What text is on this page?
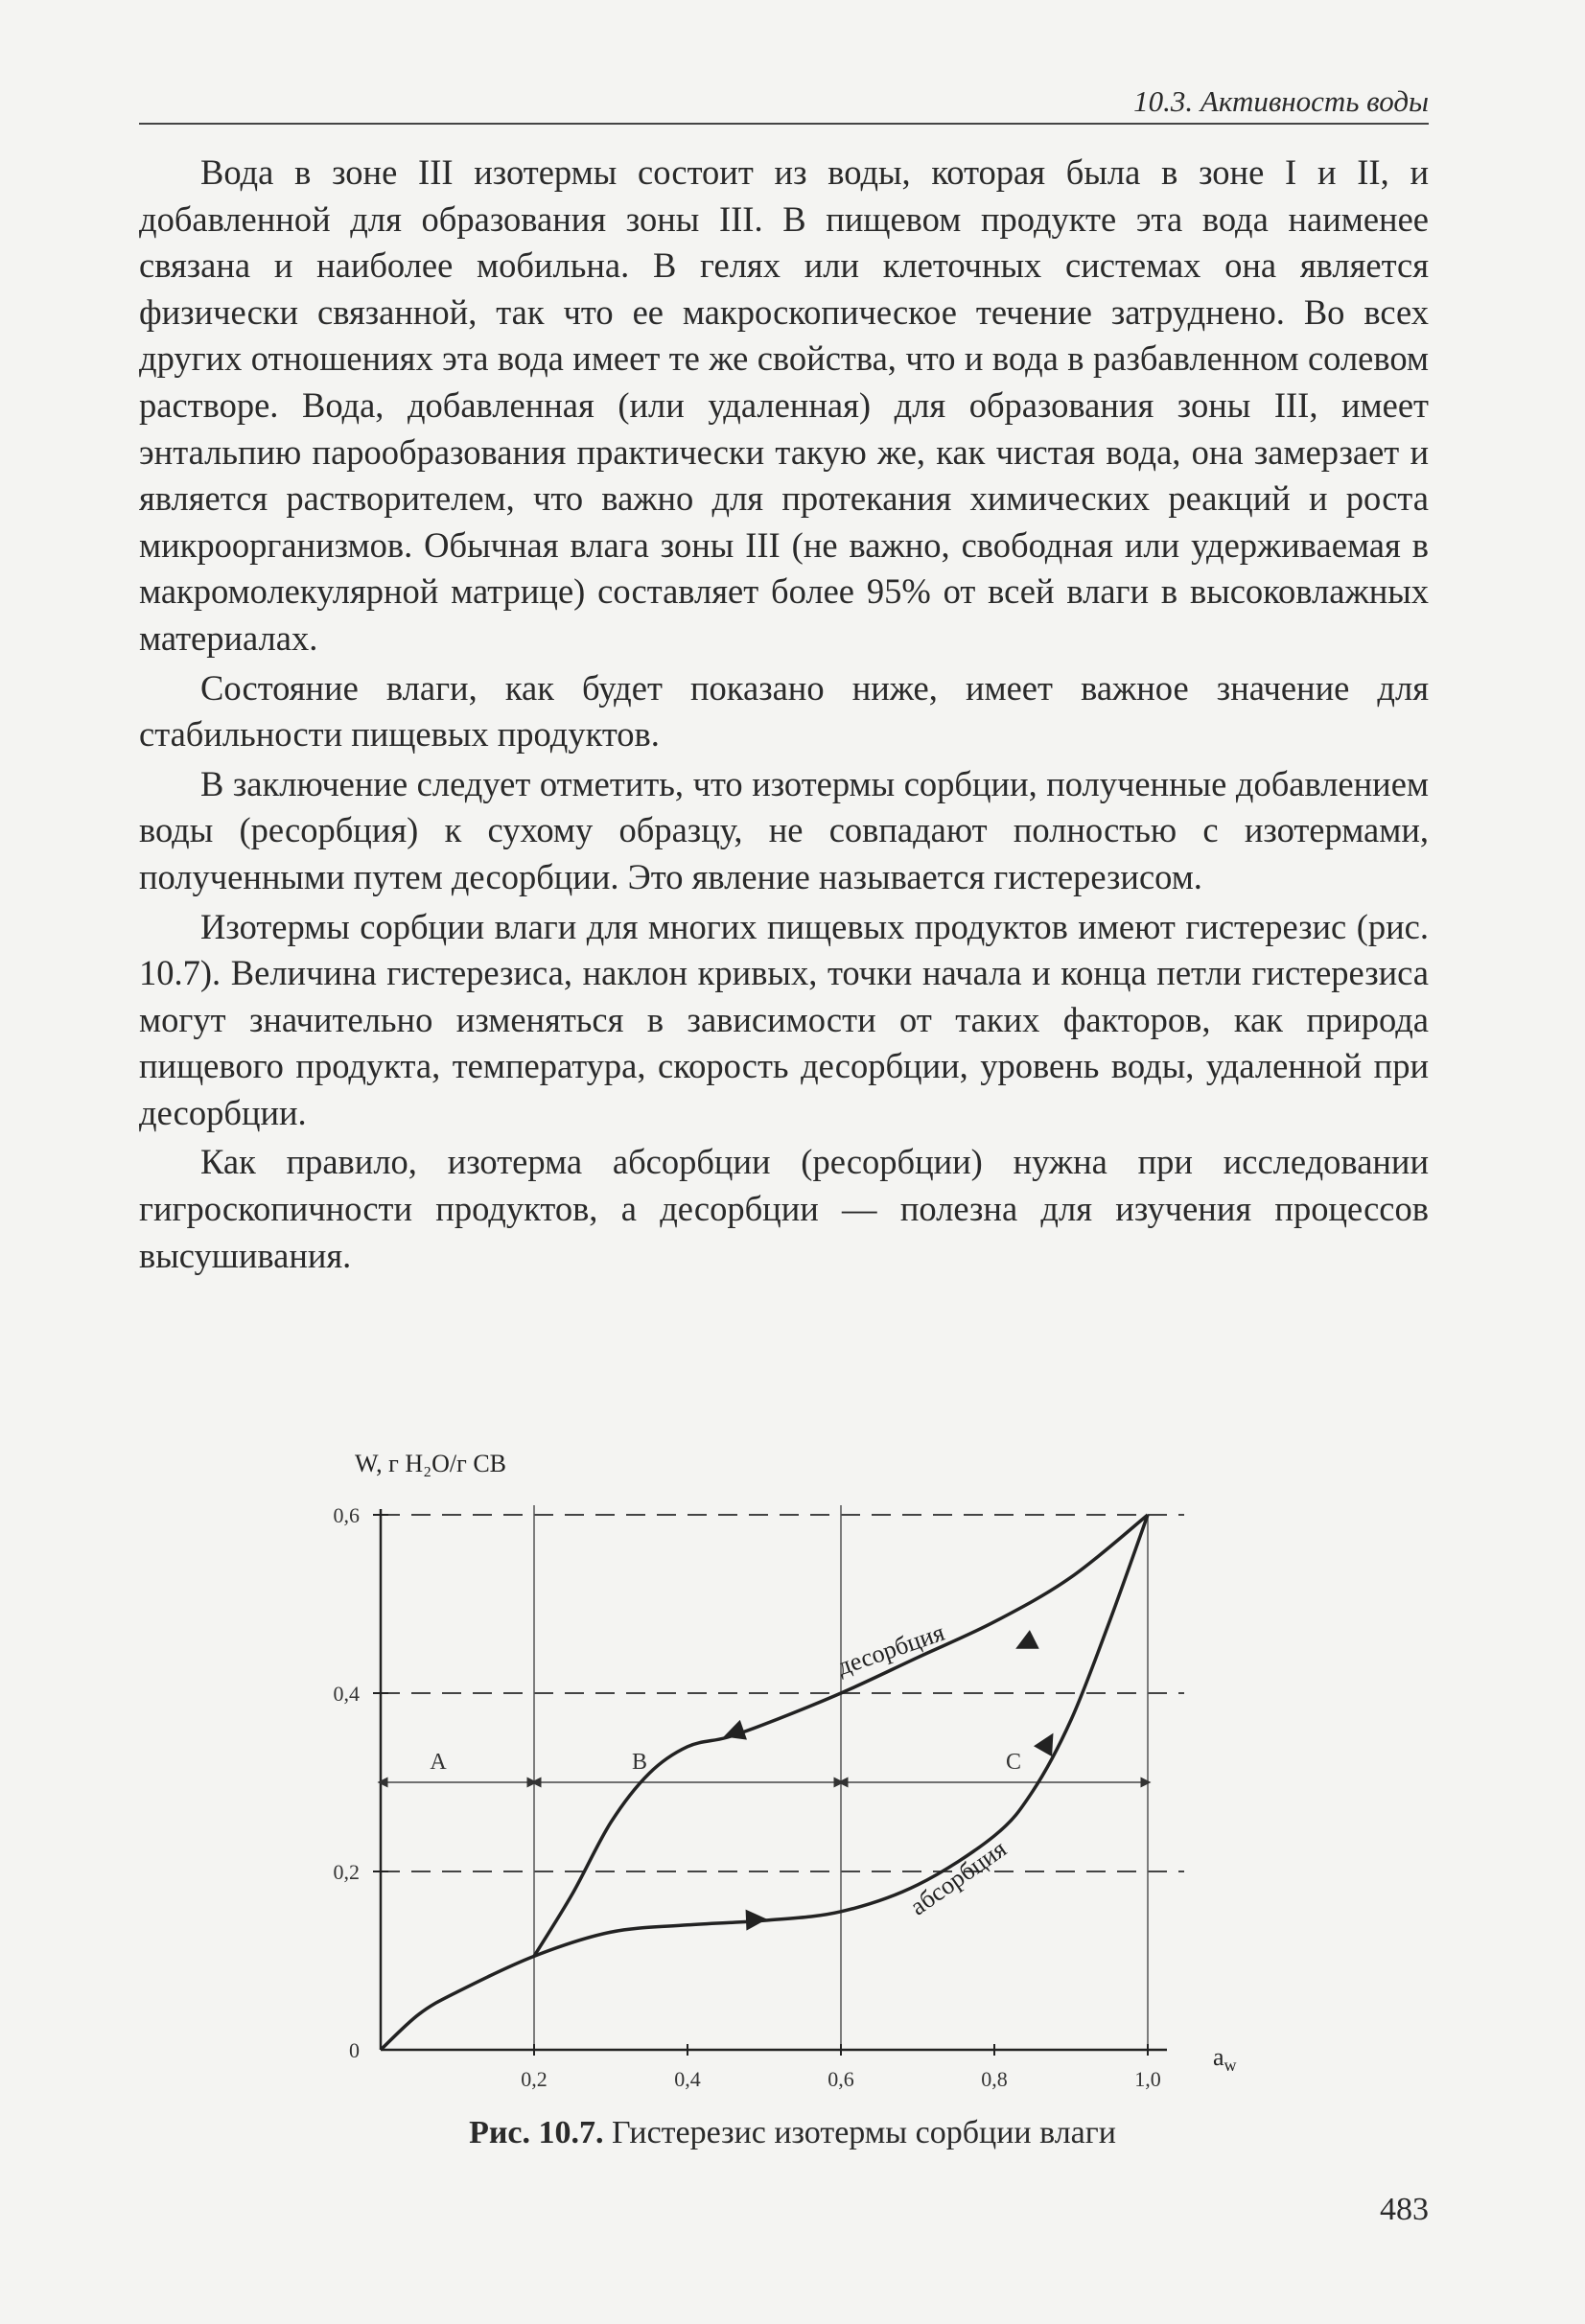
10.3. Активность воды

Вода в зоне III изотермы состоит из воды, которая была в зоне I и II, и добавленной для образования зоны III. В пищевом продукте эта вода наименее связана и наиболее мобильна. В гелях или клеточных системах она является физически связанной, так что ее макроскопическое течение затруднено. Во всех других отношениях эта вода имеет те же свойства, что и вода в разбавленном солевом растворе. Вода, добавленная (или удаленная) для образования зоны III, имеет энтальпию парообразования практически такую же, как чистая вода, она замерзает и является растворителем, что важно для протекания химических реакций и роста микроорганизмов. Обычная влага зоны III (не важно, свободная или удерживаемая в макромолекулярной матрице) составляет более 95% от всей влаги в высоковлажных материалах.

Состояние влаги, как будет показано ниже, имеет важное значение для стабильности пищевых продуктов.

В заключение следует отметить, что изотермы сорбции, полученные добавлением воды (ресорбция) к сухому образцу, не совпадают полностью с изотермами, полученными путем десорбции. Это явление называется гистерезисом.

Изотермы сорбции влаги для многих пищевых продуктов имеют гистерезис (рис. 10.7). Величина гистерезиса, наклон кривых, точки начала и конца петли гистерезиса могут значительно изменяться в зависимости от таких факторов, как природа пищевого продукта, температура, скорость десорбции, уровень воды, удаленной при десорбции.

Как правило, изотерма абсорбции (ресорбции) нужна при исследовании гигроскопичности продуктов, а десорбции — полезна для изучения процессов высушивания.

0
0,2
0,4
0,6
0,2	0,4	0,6	0,8	1,0
W, г H₂O/г СВ
$a_w$
A	B	C
десорбция
абсорбция
Рис. 10.7. Гистерезис изотермы сорбции влаги
483
